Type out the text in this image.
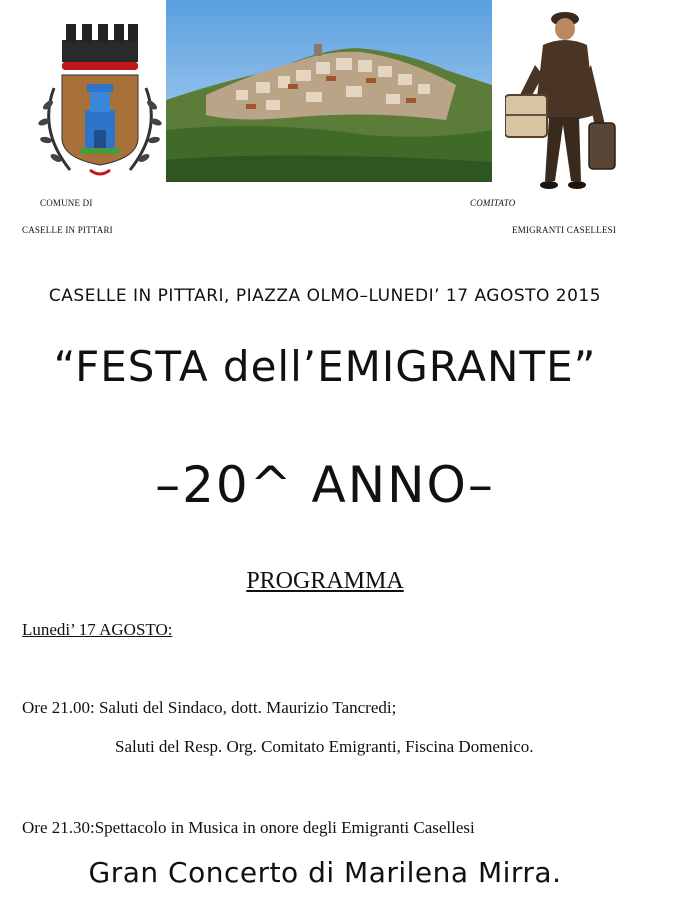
COMUNE DI
CASELLE IN PITTARI
COMITATO
EMIGRANTI CASELLESI
CASELLE IN PITTARI, PIAZZA OLMO–LUNEDI’ 17 AGOSTO 2015
“FESTA dell’EMIGRANTE”
–20^ ANNO–
PROGRAMMA
Lunedi’ 17 AGOSTO:
Ore 21.00: Saluti del Sindaco, dott. Maurizio Tancredi;
Saluti del Resp. Org. Comitato Emigranti, Fiscina Domenico.
Ore 21.30:Spettacolo in Musica in onore degli Emigranti Casellesi
Gran Concerto di Marilena Mirra.
